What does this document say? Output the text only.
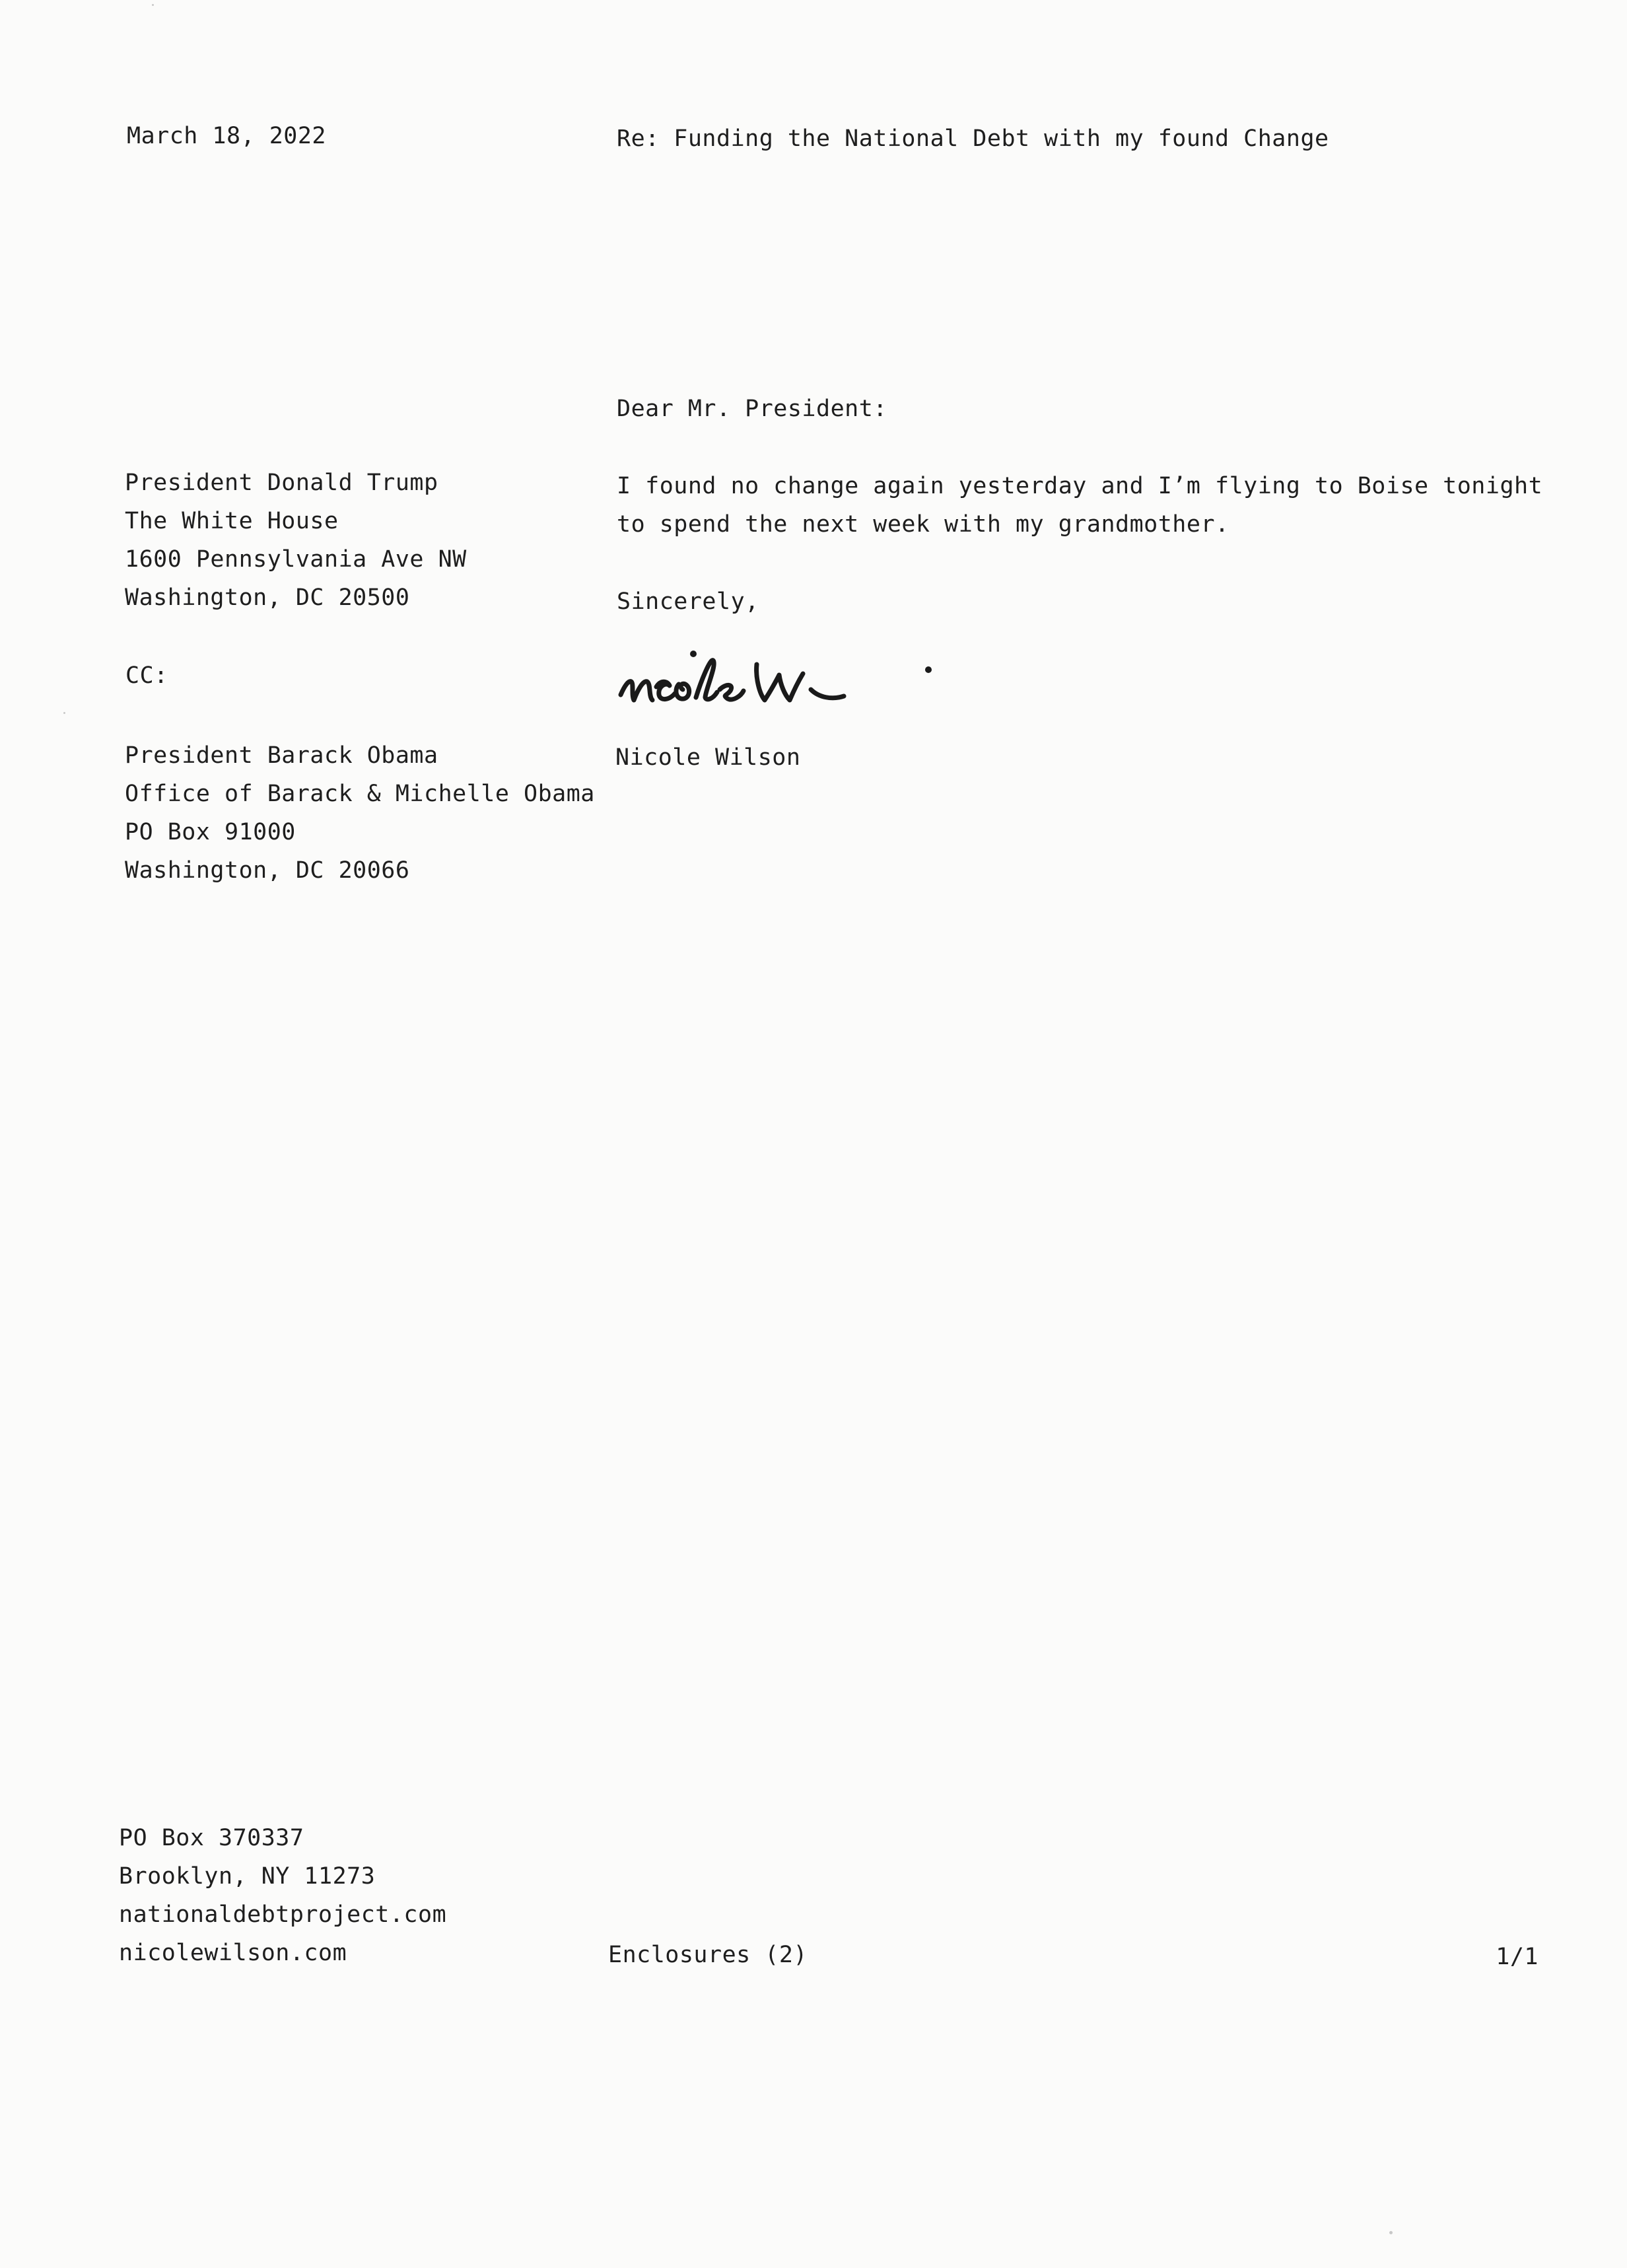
March 18, 2022	Re: Funding the National Debt with my found Change
Dear Mr. President:
President Donald Trump
The White House
1600 Pennsylvania Ave NW
Washington, DC 20500
I found no change again yesterday and I’m flying to Boise tonight
to spend the next week with my grandmother.
Sincerely,
CC:
President Barack Obama
Office of Barack & Michelle Obama
PO Box 91000
Washington, DC 20066
Nicole Wilson
PO Box 370337
Brooklyn, NY 11273
nationaldebtproject.com
nicolewilson.com	Enclosures (2)	1/1
